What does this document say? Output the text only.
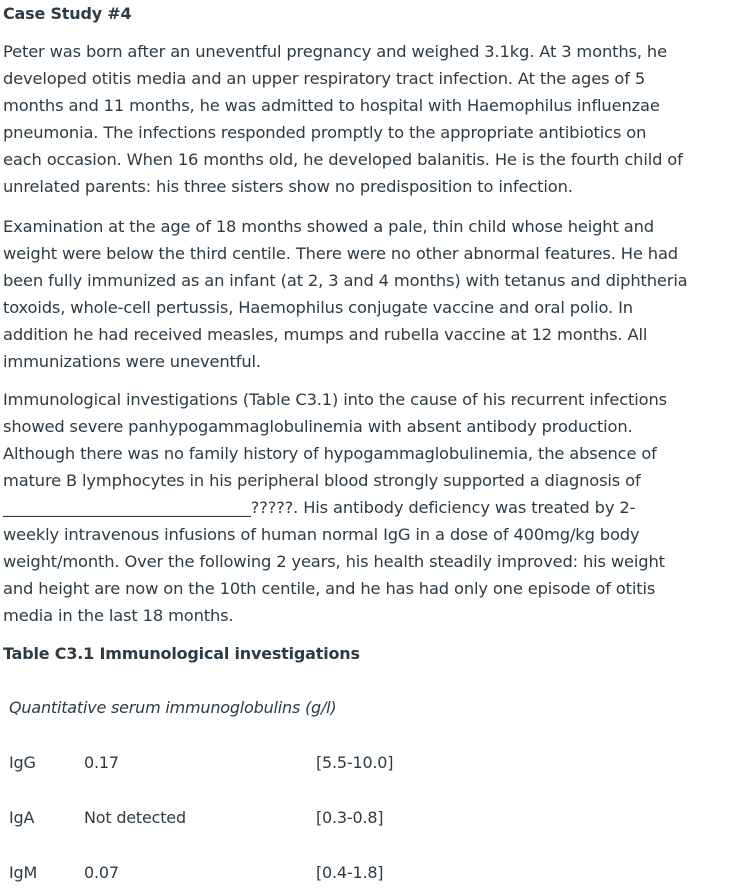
Case Study #4

Peter was born after an uneventful pregnancy and weighed 3.1kg. At 3 months, he
developed otitis media and an upper respiratory tract infection. At the ages of 5
months and 11 months, he was admitted to hospital with Haemophilus influenzae
pneumonia. The infections responded promptly to the appropriate antibiotics on
each occasion. When 16 months old, he developed balanitis. He is the fourth child of
unrelated parents: his three sisters show no predisposition to infection.

Examination at the age of 18 months showed a pale, thin child whose height and
weight were below the third centile. There were no other abnormal features. He had
been fully immunized as an infant (at 2, 3 and 4 months) with tetanus and diphtheria
toxoids, whole-cell pertussis, Haemophilus conjugate vaccine and oral polio. In
addition he had received measles, mumps and rubella vaccine at 12 months. All
immunizations were uneventful.

Immunological investigations (Table C3.1) into the cause of his recurrent infections
showed severe panhypogammaglobulinemia with absent antibody production.
Although there was no family history of hypogammaglobulinemia, the absence of
mature B lymphocytes in his peripheral blood strongly supported a diagnosis of
_______________________________?????. His antibody deficiency was treated by 2-
weekly intravenous infusions of human normal IgG in a dose of 400mg/kg body
weight/month. Over the following 2 years, his health steadily improved: his weight
and height are now on the 10th centile, and he has had only one episode of otitis
media in the last 18 months.

Table C3.1 Immunological investigations
Quantitative serum immunoglobulins (g/l)
IgG	0.17	[5.5-10.0]
IgA	Not detected	[0.3-0.8]
IgM	0.07	[0.4-1.8]
